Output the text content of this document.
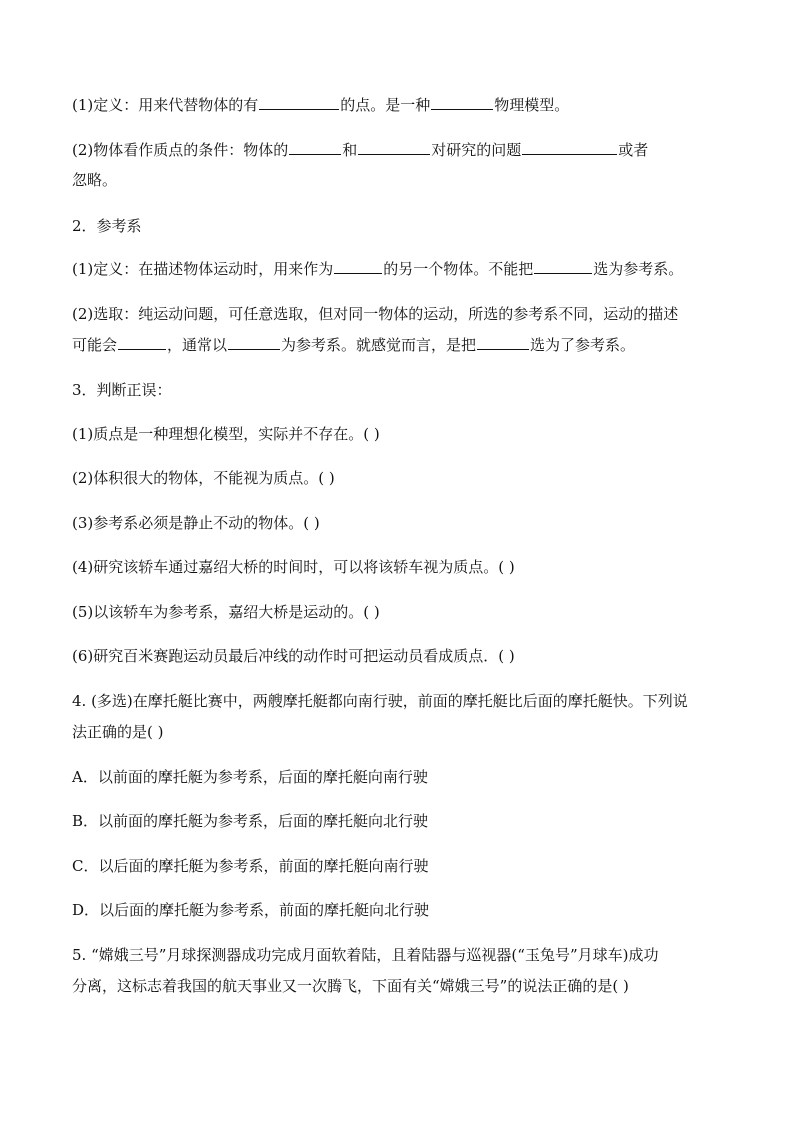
(1)定义：用来代替物体的有	的点。是一种	物理模型。
(2)物体看作质点的条件：物体的	和	对研究的问题	或者
忽略。
2．参考系
(1)定义：在描述物体运动时，用来作为	的另一个物体。不能把	选为参考系。
(2)选取：纯运动问题，可任意选取，但对同一物体的运动，所选的参考系不同，运动的描述
可能会	，通常以	为参考系。就感觉而言，是把	选为了参考系。
3．判断正误：
(1)质点是一种理想化模型，实际并不存在。( )
(2)体积很大的物体，不能视为质点。( )
(3)参考系必须是静止不动的物体。( )
(4)研究该轿车通过嘉绍大桥的时间时，可以将该轿车视为质点。( )
(5)以该轿车为参考系，嘉绍大桥是运动的。( )
(6)研究百米赛跑运动员最后冲线的动作时可把运动员看成质点．( )
4. (多选)在摩托艇比赛中，两艘摩托艇都向南行驶，前面的摩托艇比后面的摩托艇快。下列说
法正确的是( )
A．以前面的摩托艇为参考系，后面的摩托艇向南行驶
B．以前面的摩托艇为参考系，后面的摩托艇向北行驶
C．以后面的摩托艇为参考系，前面的摩托艇向南行驶
D．以后面的摩托艇为参考系，前面的摩托艇向北行驶
5. “嫦娥三号”月球探测器成功完成月面软着陆，且着陆器与巡视器(“玉兔号”月球车)成功
分离，这标志着我国的航天事业又一次腾飞，下面有关“嫦娥三号”的说法正确的是( )
